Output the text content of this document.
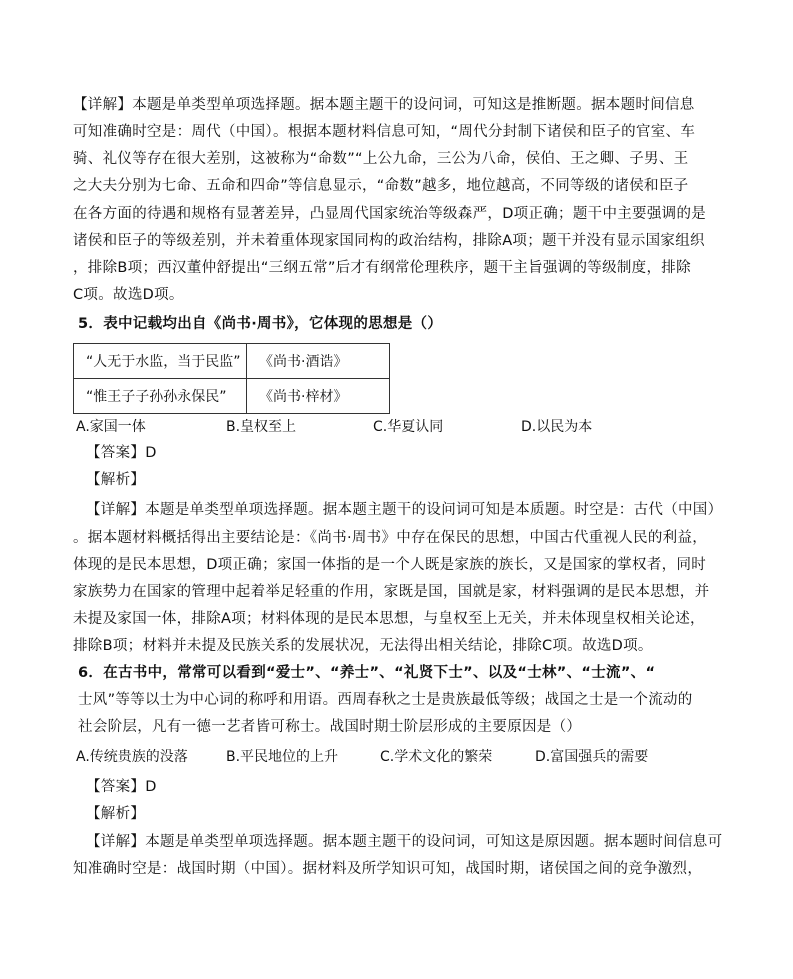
【详解】本题是单类型单项选择题。据本题主题干的设问词，可知这是推断题。据本题时间信息
可知准确时空是：周代（中国）。根据本题材料信息可知，“周代分封制下诸侯和臣子的官室、车
骑、礼仪等存在很大差别，这被称为“命数”“上公九命，三公为八命，侯伯、王之卿、子男、王
之大夫分别为七命、五命和四命”等信息显示，“命数”越多，地位越高，不同等级的诸侯和臣子
在各方面的待遇和规格有显著差异，凸显周代国家统治等级森严，D项正确；题干中主要强调的是
诸侯和臣子的等级差别，并未着重体现家国同构的政治结构，排除A项；题干并没有显示国家组织
，排除B项；西汉董仲舒提出“三纲五常”后才有纲常伦理秩序，题干主旨强调的等级制度，排除
C项。故选D项。
5．表中记载均出自《尚书·周书》，它体现的思想是（）
“人无于水监，当于民监”	《尚书·酒诰》
“惟王子子孙孙永保民”	《尚书·梓材》
A.家国一体	B.皇权至上	C.华夏认同	D.以民为本
【答案】D
【解析】
【详解】本题是单类型单项选择题。据本题主题干的设问词可知是本质题。时空是：古代（中国）
。据本题材料概括得出主要结论是：《尚书·周书》中存在保民的思想，中国古代重视人民的利益，
体现的是民本思想，D项正确；家国一体指的是一个人既是家族的族长，又是国家的掌权者，同时
家族势力在国家的管理中起着举足轻重的作用，家既是国，国就是家，材料强调的是民本思想，并
未提及家国一体，排除A项；材料体现的是民本思想，与皇权至上无关，并未体现皇权相关论述，
排除B项；材料并未提及民族关系的发展状况，无法得出相关结论，排除C项。故选D项。
6．在古书中，常常可以看到“爱士”、“养士”、“礼贤下士”、以及“士林”、“士流”、“
士风”等等以士为中心词的称呼和用语。西周春秋之士是贵族最低等级；战国之士是一个流动的
社会阶层，凡有一德一艺者皆可称士。战国时期士阶层形成的主要原因是（）
A.传统贵族的没落	B.平民地位的上升	C.学术文化的繁荣	D.富国强兵的需要
【答案】D
【解析】
【详解】本题是单类型单项选择题。据本题主题干的设问词，可知这是原因题。据本题时间信息可
知准确时空是：战国时期（中国）。据材料及所学知识可知，战国时期，诸侯国之间的竞争激烈，
